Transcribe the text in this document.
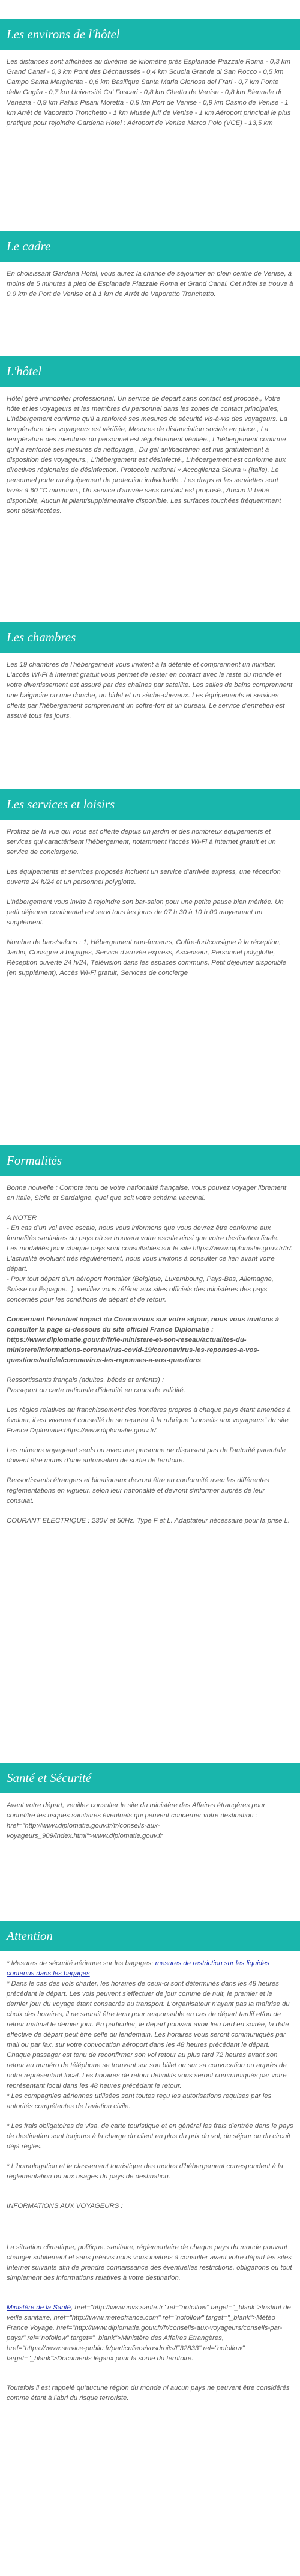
Les environs de l'hôtel

Les distances sont affichées au dixième de kilomètre près Esplanade Piazzale Roma - 0,3 km Grand Canal - 0,3 km Pont des Déchaussés - 0,4 km Scuola Grande di San Rocco - 0,5 km Campo Santa Margherita - 0,6 km Basilique Santa Maria Gloriosa dei Frari - 0,7 km Ponte della Guglia - 0,7 km Université Ca' Foscari - 0,8 km Ghetto de Venise - 0,8 km Biennale di Venezia - 0,9 km Palais Pisani Moretta - 0,9 km Port de Venise - 0,9 km Casino de Venise - 1 km Arrêt de Vaporetto Tronchetto - 1 km Musée juif de Venise - 1 km Aéroport principal le plus pratique pour rejoindre Gardena Hotel : Aéroport de Venise Marco Polo (VCE) - 13,5 km

Le cadre

En choisissant Gardena Hotel, vous aurez la chance de séjourner en plein centre de Venise, à moins de 5 minutes à pied de Esplanade Piazzale Roma et Grand Canal. Cet hôtel se trouve à 0,9 km de Port de Venise et à 1 km de Arrêt de Vaporetto Tronchetto.

L'hôtel

Hôtel géré immobilier professionnel. Un service de départ sans contact est proposé., Votre hôte et les voyageurs et les membres du personnel dans les zones de contact principales, L'hébergement confirme qu'il a renforcé ses mesures de sécurité vis-à-vis des voyageurs. La température des voyageurs est vérifiée, Mesures de distanciation sociale en place., La température des membres du personnel est régulièrement vérifiée., L'hébergement confirme qu'il a renforcé ses mesures de nettoyage., Du gel antibactérien est mis gratuitement à disposition des voyageurs., L'hébergement est désinfecté., L'hébergement est conforme aux directives régionales de désinfection. Protocole national « Accoglienza Sicura » (Italie). Le personnel porte un équipement de protection individuelle., Les draps et les serviettes sont lavés à 60 °C minimum., Un service d'arrivée sans contact est proposé., Aucun lit bébé disponible, Aucun lit pliant/supplémentaire disponible, Les surfaces touchées fréquemment sont désinfectées.

Les chambres

Les 19 chambres de l'hébergement vous invitent à la détente et comprennent un minibar. L'accès Wi-Fi à Internet gratuit vous permet de rester en contact avec le reste du monde et votre divertissement est assuré par des chaînes par satellite. Les salles de bains comprennent une baignoire ou une douche, un bidet et un sèche-cheveux. Les équipements et services offerts par l'hébergement comprennent un coffre-fort et un bureau. Le service d'entretien est assuré tous les jours.

Les services et loisirs

Profitez de la vue qui vous est offerte depuis un jardin et des nombreux équipements et services qui caractérisent l'hébergement, notamment l'accès Wi-Fi à Internet gratuit et un service de conciergerie.

Les équipements et services proposés incluent un service d'arrivée express, une réception ouverte 24 h/24 et un personnel polyglotte.

L'hébergement vous invite à rejoindre son bar-salon pour une petite pause bien méritée. Un petit déjeuner continental est servi tous les jours de 07 h 30 à 10 h 00 moyennant un supplément.

Nombre de bars/salons : 1, Hébergement non-fumeurs, Coffre-fort/consigne à la réception, Jardin, Consigne à bagages, Service d'arrivée express, Ascenseur, Personnel polyglotte, Réception ouverte 24 h/24, Télévision dans les espaces communs, Petit déjeuner disponible (en supplément), Accès Wi-Fi gratuit, Services de concierge

Formalités

Bonne nouvelle : Compte tenu de votre nationalité française, vous pouvez voyager librement en Italie, Sicile et Sardaigne, quel que soit votre schéma vaccinal.

A NOTER

- En cas d'un vol avec escale, nous vous informons que vous devrez être conforme aux formalités sanitaires du pays où se trouvera votre escale ainsi que votre destination finale.

Les modalités pour chaque pays sont consultables sur le site https://www.diplomatie.gouv.fr/fr/. L'actualité évoluant très régulièrement, nous vous invitons à consulter ce lien avant votre départ.

- Pour tout départ d'un aéroport frontalier (Belgique, Luxembourg, Pays-Bas, Allemagne, Suisse ou Espagne...), veuillez vous référer aux sites officiels des ministères des pays concernés pour les conditions de départ et de retour.

Concernant l'éventuel impact du Coronavirus sur votre séjour, nous vous invitons à consulter la page ci-dessous du site officiel France Diplomatie : https://www.diplomatie.gouv.fr/fr/le-ministere-et-son-reseau/actualites-du-ministere/informations-coronavirus-covid-19/coronavirus-les-reponses-a-vos-questions/article/coronavirus-les-reponses-a-vos-questions

Ressortissants français (adultes, bébés et enfants) :

Passeport ou carte nationale d'identité en cours de validité.

Les règles relatives au franchissement des frontières propres à chaque pays étant amenées à évoluer, il est vivement conseillé de se reporter à la rubrique "conseils aux voyageurs" du site France Diplomatie:https://www.diplomatie.gouv.fr/.

Les mineurs voyageant seuls ou avec une personne ne disposant pas de l'autorité parentale doivent être munis d'une autorisation de sortie de territoire.

Ressortissants étrangers et binationaux devront être en conformité avec les différentes réglementations en vigueur, selon leur nationalité et devront s'informer auprès de leur consulat.

COURANT ELECTRIQUE : 230V et 50Hz. Type F et L. Adaptateur nécessaire pour la prise L.

Santé et Sécurité

Avant votre départ, veuillez consulter le site du ministère des Affaires étrangères pour connaître les risques sanitaires éventuels qui peuvent concerner votre destination : href="http://www.diplomatie.gouv.fr/fr/conseils-aux-voyageurs_909/index.html">www.diplomatie.gouv.fr

Attention

* Mesures de sécurité aérienne sur les bagages: mesures de restriction sur les liquides contenus dans les bagages

* Dans le cas des vols charter, les horaires de ceux-ci sont déterminés dans les 48 heures précédant le départ. Les vols peuvent s'effectuer de jour comme de nuit, le premier et le dernier jour du voyage étant consacrés au transport. L'organisateur n'ayant pas la maîtrise du choix des horaires, il ne saurait être tenu pour responsable en cas de départ tardif et/ou de retour matinal le dernier jour. En particulier, le départ pouvant avoir lieu tard en soirée, la date effective de départ peut être celle du lendemain. Les horaires vous seront communiqués par mail ou par fax, sur votre convocation aéroport dans les 48 heures précédant le départ. Chaque passager est tenu de reconfirmer son vol retour au plus tard 72 heures avant son retour au numéro de téléphone se trouvant sur son billet ou sur sa convocation ou auprès de notre représentant local. Les horaires de retour définitifs vous seront communiqués par votre représentant local dans les 48 heures précédant le retour.

* Les compagnies aériennes utilisées sont toutes reçu les autorisations requises par les autorités compétentes de l'aviation civile.

* Les frais obligatoires de visa, de carte touristique et en général les frais d'entrée dans le pays de destination sont toujours à la charge du client en plus du prix du vol, du séjour ou du circuit déjà réglés.

* L'homologation et le classement touristique des modes d'hébergement correspondent à la réglementation ou aux usages du pays de destination.

INFORMATIONS AUX VOYAGEURS :

La situation climatique, politique, sanitaire, réglementaire de chaque pays du monde pouvant changer subitement et sans préavis nous vous invitons à consulter avant votre départ les sites Internet suivants afin de prendre connaissance des éventuelles restrictions, obligations ou tout simplement des informations relatives à votre destination.

Ministère de la Santé, href="http://www.invs.sante.fr" rel="nofollow" target="_blank">Institut de veille sanitaire, href="http://www.meteofrance.com" rel="nofollow" target="_blank">Météo France Voyage, href="http://www.diplomatie.gouv.fr/fr/conseils-aux-voyageurs/conseils-par-pays/" rel="nofollow" target="_blank">Ministère des Affaires Etrangères, href="https://www.service-public.fr/particuliers/vosdroits/F32833" rel="nofollow" target="_blank">Documents légaux pour la sortie du territoire.

Toutefois il est rappelé qu'aucune région du monde ni aucun pays ne peuvent être considérés comme étant à l'abri du risque terroriste.
